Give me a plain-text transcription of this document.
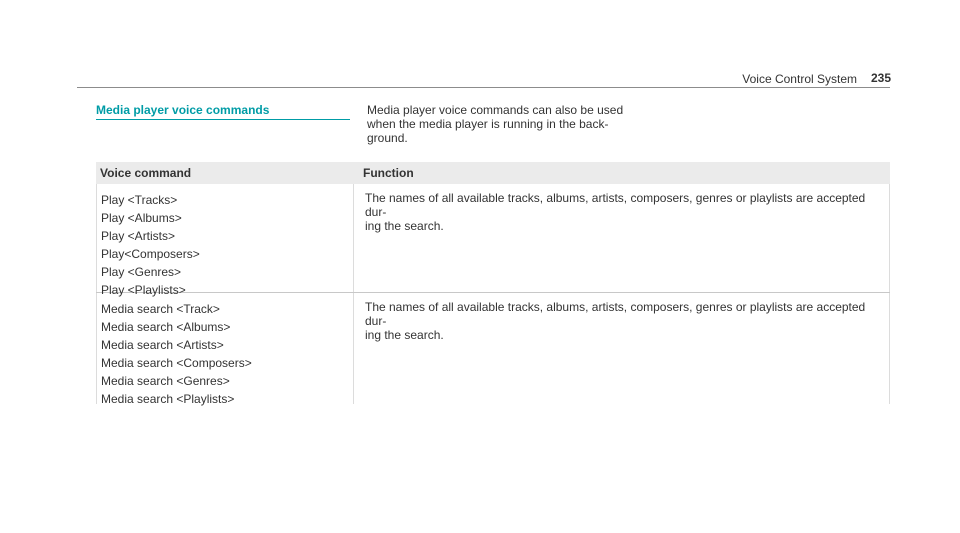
Voice Control System 235
Media player voice commands	Media player voice commands can also be used
when the media player is running in the back-
ground.
Voice command	Function
Play <Tracks>
Play <Albums>
Play <Artists>
Play<Composers>
Play <Genres>
Play <Playlists>
The names of all available tracks, albums, artists, composers, genres or playlists are accepted dur-
ing the search.
Media search <Track>
Media search <Albums>
Media search <Artists>
Media search <Composers>
Media search <Genres>
Media search <Playlists>
The names of all available tracks, albums, artists, composers, genres or playlists are accepted dur-
ing the search.
